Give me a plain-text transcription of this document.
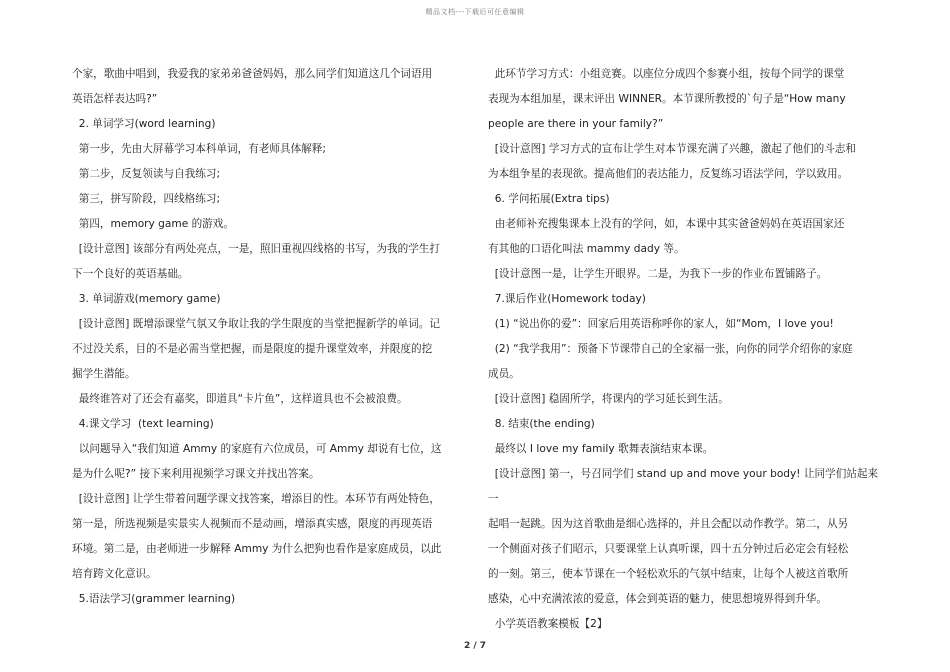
精品文档---下载后可任意编辑

个家，歌曲中唱到，我爱我的家弟弟爸爸妈妈，那么同学们知道这几个词语用

英语怎样表达吗?”

2. 单词学习(word learning)

第一步，先由大屏幕学习本科单词，有老师具体解释;

第二步，反复领读与自我练习;

第三，拼写阶段，四线格练习;

第四，memory game 的游戏。

[设计意图] 该部分有两处亮点，一是，照旧重视四线格的书写，为我的学生打

下一个良好的英语基础。

3. 单词游戏(memory game)

[设计意图] 既增添课堂气氛又争取让我的学生限度的当堂把握新学的单词。记

不过没关系，目的不是必需当堂把握，而是限度的提升课堂效率，并限度的挖

掘学生潜能。

最终谁答对了还会有嘉奖，即道具“卡片鱼”，这样道具也不会被浪费。

4.课文学习  (text learning)

以问题导入“我们知道 Ammy 的家庭有六位成员，可 Ammy 却说有七位，这

是为什么呢?” 接下来利用视频学习课文并找出答案。

[设计意图] 让学生带着问题学课文找答案，增添目的性。本环节有两处特色，

第一是，所选视频是实景实人视频而不是动画，增添真实感，限度的再现英语

环境。第二是，由老师进一步解释 Ammy 为什么把狗也看作是家庭成员，以此

培育跨文化意识。

5.语法学习(grammer learning)

此环节学习方式：小组竞赛。以座位分成四个参赛小组，按每个同学的课堂

表现为本组加星，课末评出 WINNER。本节课所教授的`句子是“How many

people are there in your family?”

[设计意图] 学习方式的宣布让学生对本节课充满了兴趣，激起了他们的斗志和

为本组争星的表现欲。提高他们的表达能力，反复练习语法学问，学以致用。

6. 学问拓展(Extra tips)

由老师补充搜集课本上没有的学问，如，本课中其实爸爸妈妈在英语国家还

有其他的口语化叫法 mammy dady 等。

[设计意图一是，让学生开眼界。二是，为我下一步的作业布置铺路子。

7.课后作业(Homework today)

(1) “说出你的爱”：回家后用英语称呼你的家人，如“Mom，I love you!

(2) “我学我用”：预备下节课带自己的全家福一张，向你的同学介绍你的家庭

成员。

[设计意图] 稳固所学，将课内的学习延长到生活。

8. 结束(the ending)

最终以 I love my family 歌舞表演结束本课。

[设计意图] 第一，号召同学们 stand up and move your body! 让同学们站起来一

起唱一起跳。因为这首歌曲是细心选择的，并且会配以动作教学。第二，从另

一个侧面对孩子们昭示，只要课堂上认真听课，四十五分钟过后必定会有轻松

的一刻。第三，使本节课在一个轻松欢乐的气氛中结束，让每个人被这首歌所

感染，心中充满浓浓的爱意，体会到英语的魅力，使思想境界得到升华。

小学英语教案模板【2】

2 / 7
